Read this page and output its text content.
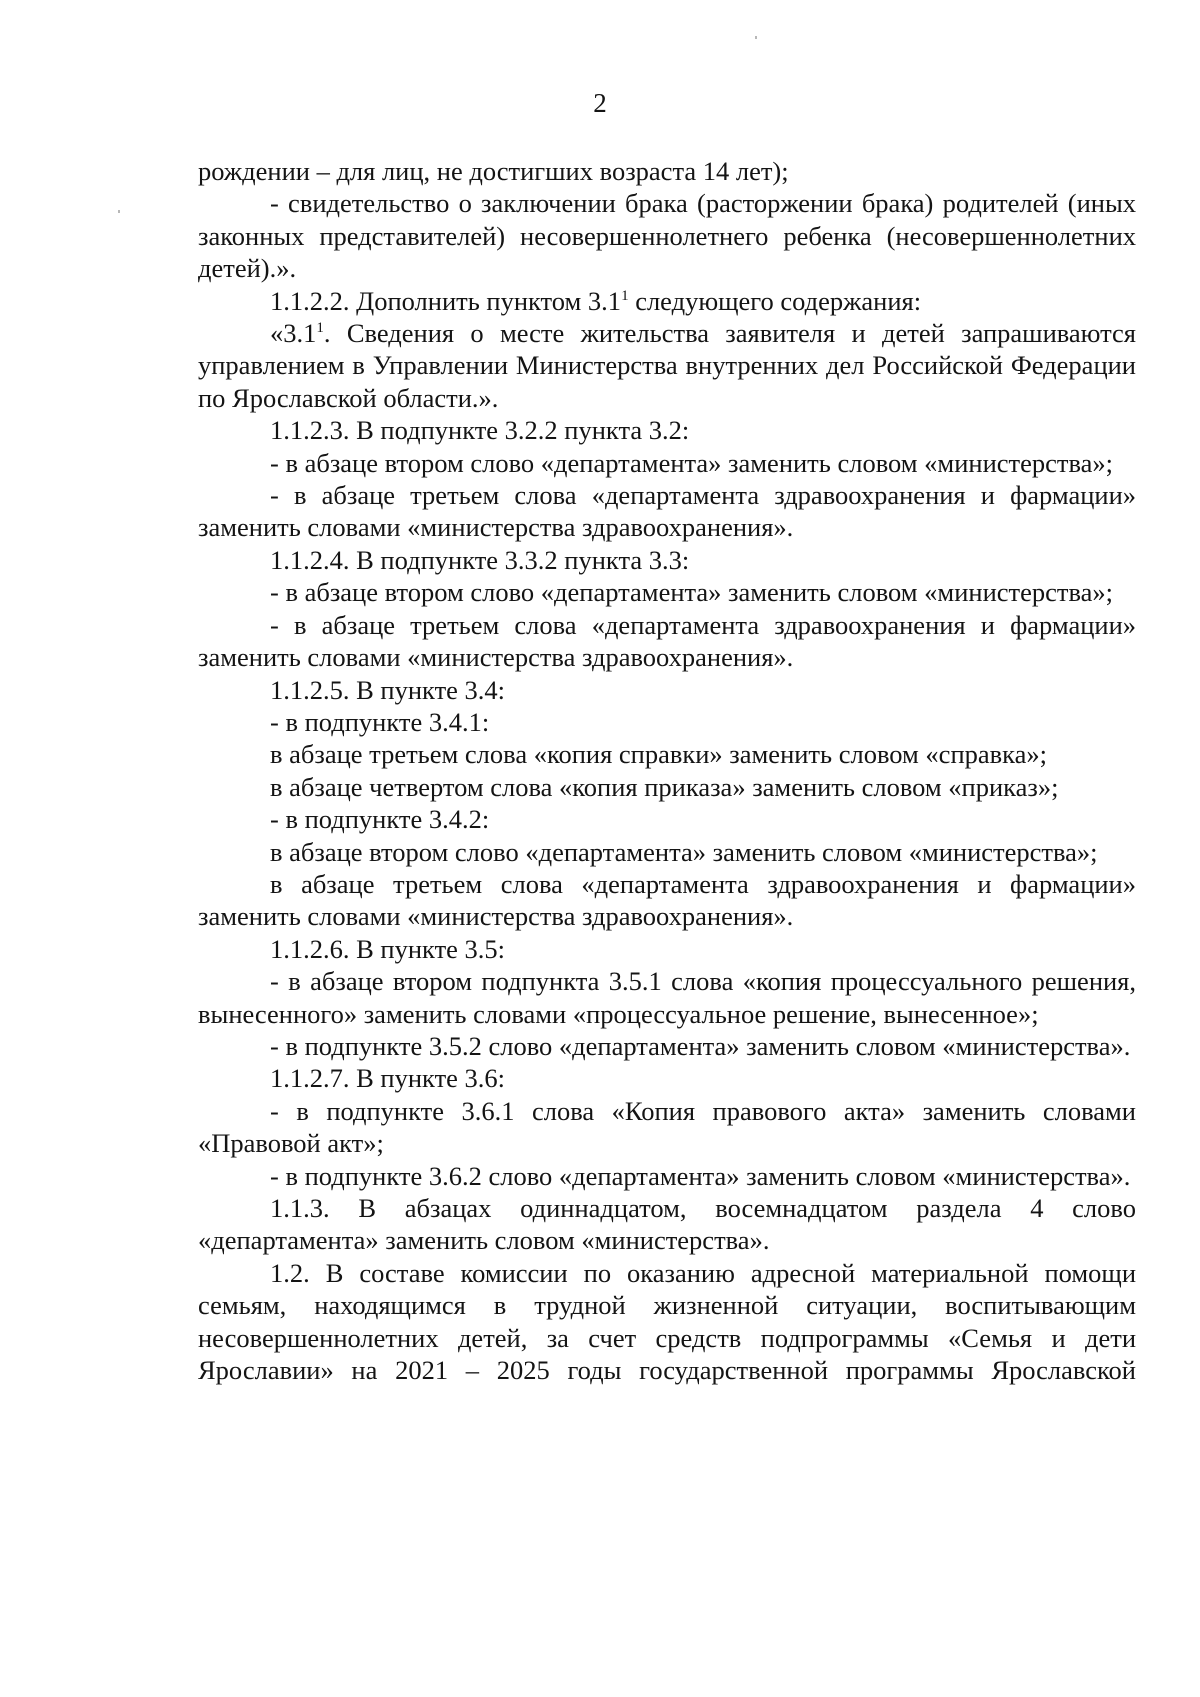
2

рождении – для лиц, не достигших возраста 14 лет);

- свидетельство о заключении брака (расторжении брака) родителей (иных законных представителей) несовершеннолетнего ребенка (несовершеннолетних детей).».

1.1.2.2. Дополнить пунктом $3.1^1$ следующего содержания:

«$3.1^1$. Сведения о месте жительства заявителя и детей запрашиваются управлением в Управлении Министерства внутренних дел Российской Федерации по Ярославской области.».

1.1.2.3. В подпункте 3.2.2 пункта 3.2:

- в абзаце втором слово «департамента» заменить словом «министерства»;

- в абзаце третьем слова «департамента здравоохранения и фармации» заменить словами «министерства здравоохранения».

1.1.2.4. В подпункте 3.3.2 пункта 3.3:

- в абзаце втором слово «департамента» заменить словом «министерства»;

- в абзаце третьем слова «департамента здравоохранения и фармации» заменить словами «министерства здравоохранения».

1.1.2.5. В пункте 3.4:

- в подпункте 3.4.1:

в абзаце третьем слова «копия справки» заменить словом «справка»;

в абзаце четвертом слова «копия приказа» заменить словом «приказ»;

- в подпункте 3.4.2:

в абзаце втором слово «департамента» заменить словом «министерства»;

в абзаце третьем слова «департамента здравоохранения и фармации» заменить словами «министерства здравоохранения».

1.1.2.6. В пункте 3.5:

- в абзаце втором подпункта 3.5.1 слова «копия процессуального решения, вынесенного» заменить словами «процессуальное решение, вынесенное»;

- в подпункте 3.5.2 слово «департамента» заменить словом «министерства».

1.1.2.7. В пункте 3.6:

- в подпункте 3.6.1 слова «Копия правового акта» заменить словами «Правовой акт»;

- в подпункте 3.6.2 слово «департамента» заменить словом «министерства».

1.1.3. В абзацах одиннадцатом, восемнадцатом раздела 4 слово «департамента» заменить словом «министерства».

1.2. В составе комиссии по оказанию адресной материальной помощи семьям, находящимся в трудной жизненной ситуации, воспитывающим несовершеннолетних детей, за счет средств подпрограммы «Семья и дети Ярославии» на 2021 – 2025 годы государственной программы Ярославской
